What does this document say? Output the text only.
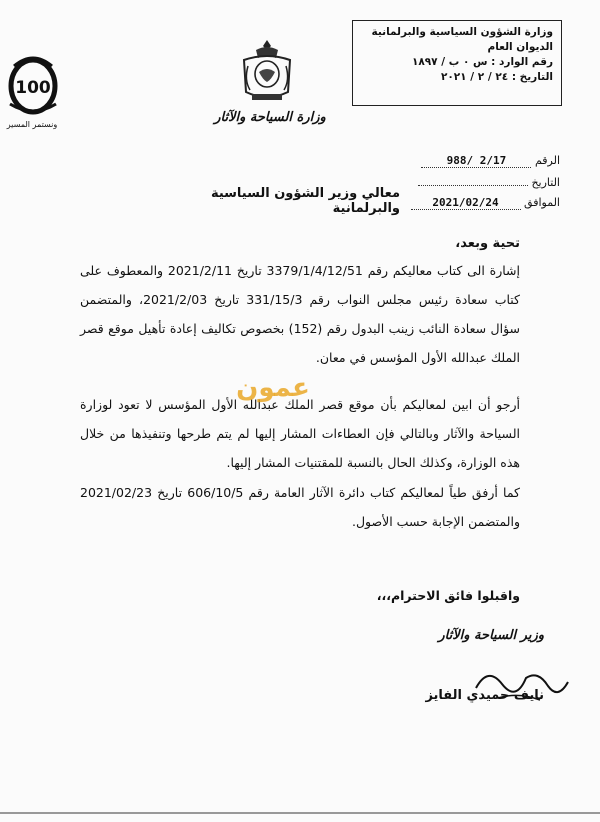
وزارة الشؤون السياسية والبرلمانية
الديوان العام
رقم الوارد : س ٠ ب / ١٨٩٧
التاريخ : ٢٤ / ٢ / ٢٠٢١
وزارة السياحة والآثار
100
ونستمر المسير
الرقم 988/ 2/17
التاريخ
الموافق 2021/02/24
معالي وزير الشؤون السياسية والبرلمانية
تحية وبعد،
إشارة الى كتاب معاليكم رقم 3379/1/4/12/51 تاريخ 2021/2/11 والمعطوف على كتاب سعادة رئيس مجلس النواب رقم 331/15/3 تاريخ 2021/2/03، والمتضمن سؤال سعادة النائب زينب البدول رقم (152) بخصوص تكاليف إعادة تأهيل موقع قصر الملك عبدالله الأول المؤسس في معان.
أرجو أن ابين لمعاليكم بأن موقع قصر الملك عبدالله الأول المؤسس لا تعود لوزارة السياحة والآثار وبالتالي فإن العطاءات المشار إليها لم يتم طرحها وتنفيذها من خلال هذه الوزارة، وكذلك الحال بالنسبة للمقتنيات المشار إليها.
كما أرفق طياً لمعاليكم كتاب دائرة الآثار العامة رقم 606/10/5 تاريخ 2021/02/23 والمتضمن الإجابة حسب الأصول.
واقبلوا فائق الاحترام،،،
وزير السياحة والآثار
نايف حميدي الفايز
عمون
